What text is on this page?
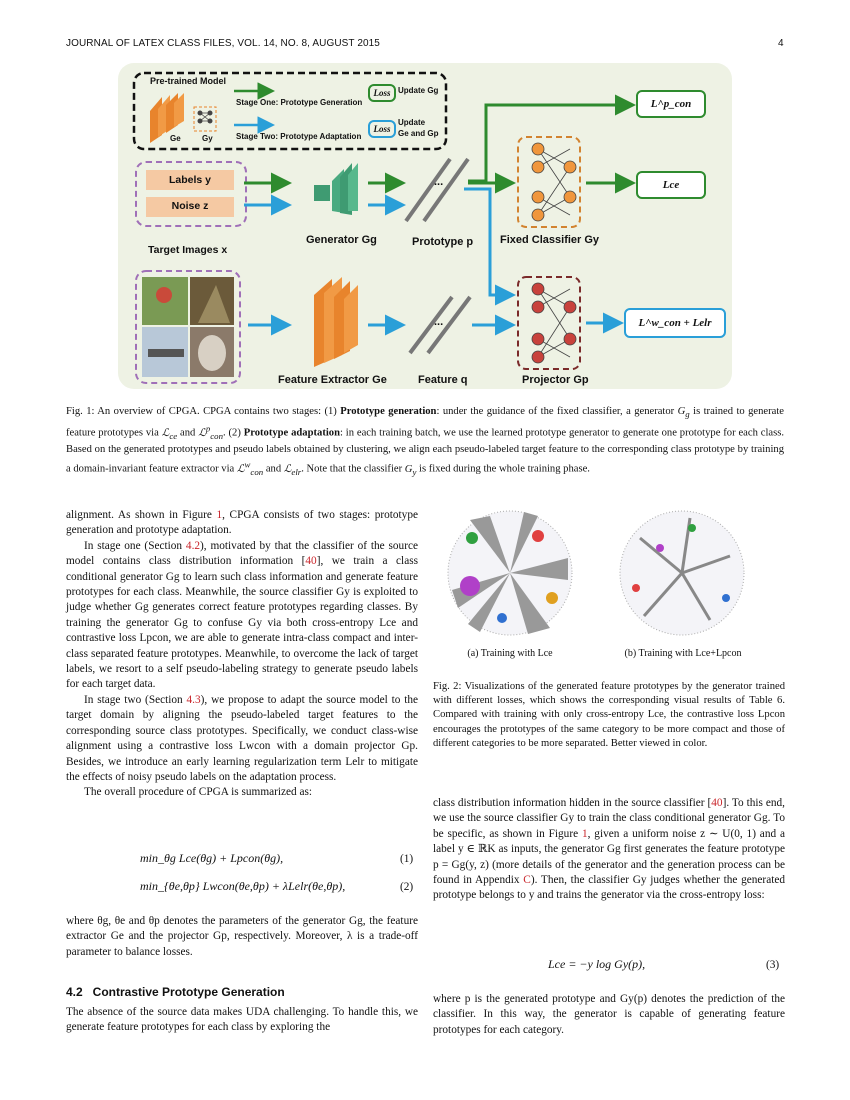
JOURNAL OF LATEX CLASS FILES, VOL. 14, NO. 8, AUGUST 2015	4
Pre-trained Model
Ge	Gy
Stage One: Prototype Generation
Stage Two: Prototype Adaptation
Loss
Loss
Update Gg
Update
Ge and Gp
Labels y
Noise z
Target Images x
Generator Gg	Prototype p Fixed Classifier Gy
Feature Extractor Ge	Feature q	Projector Gp
...
...
L^p_con
Lce
L^w_con + Lelr

Fig. 1: An overview of CPGA. CPGA contains two stages: (1) Prototype generation: under the guidance of the fixed classifier, a generator $G_g$ is trained to generate feature prototypes via ℒ$_{ce}$ and ℒ$^p_{con}$. (2) Prototype adaptation: in each training batch, we use the learned prototype generator to generate one prototype for each class. Based on the generated prototypes and pseudo labels obtained by clustering, we align each pseudo-labeled target feature to the corresponding class prototype by training a domain-invariant feature extractor via ℒ$^w_{con}$ and ℒ$_{elr}$. Note that the classifier $G_y$ is fixed during the whole training phase.

(a) Training with Lce	(b) Training with Lce+Lpcon

Fig. 2: Visualizations of the generated feature prototypes by the generator trained with different losses, which shows the corresponding visual results of Table 6. Compared with training with only cross-entropy Lce, the contrastive loss Lpcon encourages the prototypes of the same category to be more compact and those of different categories to be more separated. Better viewed in color.

alignment. As shown in Figure 1, CPGA consists of two stages: prototype generation and prototype adaptation.

In stage one (Section 4.2), motivated by that the classifier of the source model contains class distribution information [40], we train a class conditional generator Gg to learn such class information and generate feature prototypes for each class. Meanwhile, the source classifier Gy is exploited to judge whether Gg generates correct feature prototypes regarding classes. By training the generator Gg to confuse Gy via both cross-entropy Lce and contrastive loss Lpcon, we are able to generate intra-class compact and inter-class separated feature prototypes. Meanwhile, to overcome the lack of target labels, we resort to a self pseudo-labeling strategy to generate pseudo labels for each target data.

In stage two (Section 4.3), we propose to adapt the source model to the target domain by aligning the pseudo-labeled target features to the corresponding source class prototypes. Specifically, we conduct class-wise alignment using a contrastive loss Lwcon with a domain projector Gp. Besides, we introduce an early learning regularization term Lelr to mitigate the effects of noisy pseudo labels on the adaptation process.

The overall procedure of CPGA is summarized as:

min_θg Lce(θg) + Lpcon(θg),	(1)
min_{θe,θp} Lwcon(θe,θp) + λLelr(θe,θp),	(2)

where θg, θe and θp denotes the parameters of the generator Gg, the feature extractor Ge and the projector Gp, respectively. Moreover, λ is a trade-off parameter to balance losses.

4.2   Contrastive Prototype Generation

The absence of the source data makes UDA challenging. To handle this, we generate feature prototypes for each class by exploring the

class distribution information hidden in the source classifier [40]. To this end, we use the source classifier Gy to train the class conditional generator Gg. To be specific, as shown in Figure 1, given a uniform noise z ∼ U(0, 1) and a label y ∈ ℝK as inputs, the generator Gg first generates the feature prototype p = Gg(y, z) (more details of the generator and the generation process can be found in Appendix C). Then, the classifier Gy judges whether the generated prototype belongs to y and trains the generator via the cross-entropy loss:

Lce = −y log Gy(p),	(3)

where p is the generated prototype and Gy(p) denotes the prediction of the classifier. In this way, the generator is capable of generating feature prototypes for each category.
